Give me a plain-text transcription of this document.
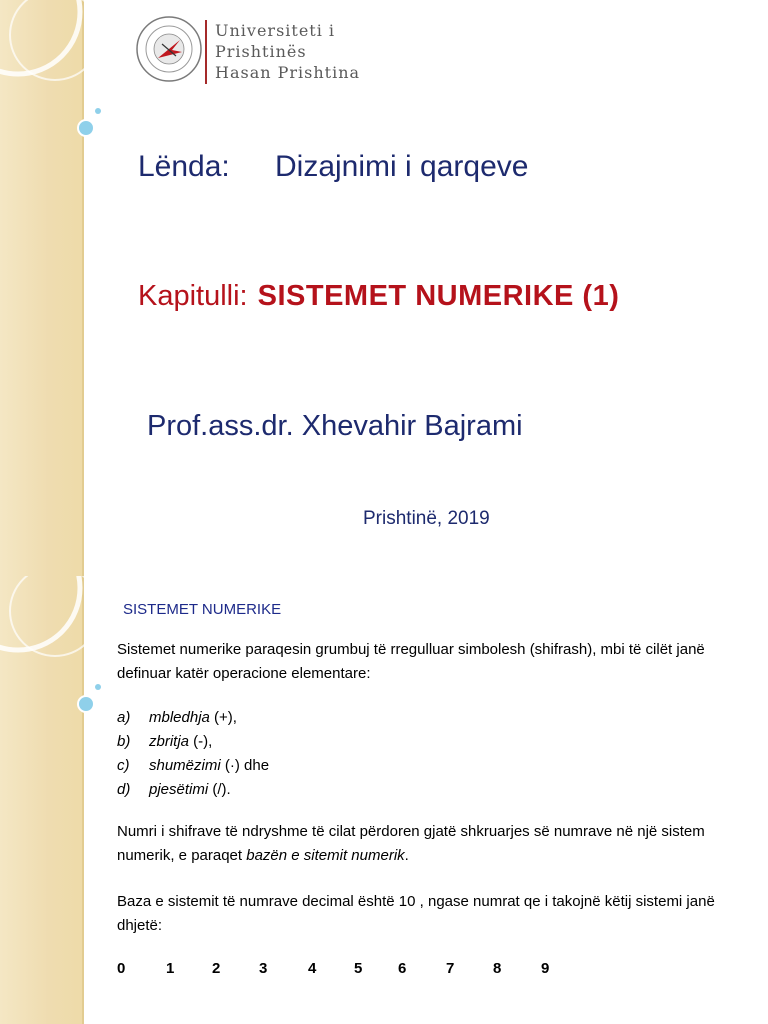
Universiteti i
Prishtinës
Hasan Prishtina
Lënda: Dizajnimi i qarqeve
Kapitulli: SISTEMET NUMERIKE (1)
Prof.ass.dr. Xhevahir Bajrami
Prishtinë, 2019
SISTEMET NUMERIKE
Sistemet numerike paraqesin grumbuj të rregulluar simbolesh (shifrash), mbi të cilët janë definuar katër operacione elementare:
a) mbledhja (+),
b) zbritja (-),
c) shumëzimi (·) dhe
d) pjesëtimi (/).
Numri i shifrave të ndryshme të cilat përdoren gjatë shkruarjes së numrave në një sistem numerik, e paraqet bazën e sitemit numerik.
Baza e sistemit të numrave decimal është 10 , ngase numrat qe i takojnë këtij sistemi janë dhjetë:
0	1	2	3	4	5 6	7	8	9
